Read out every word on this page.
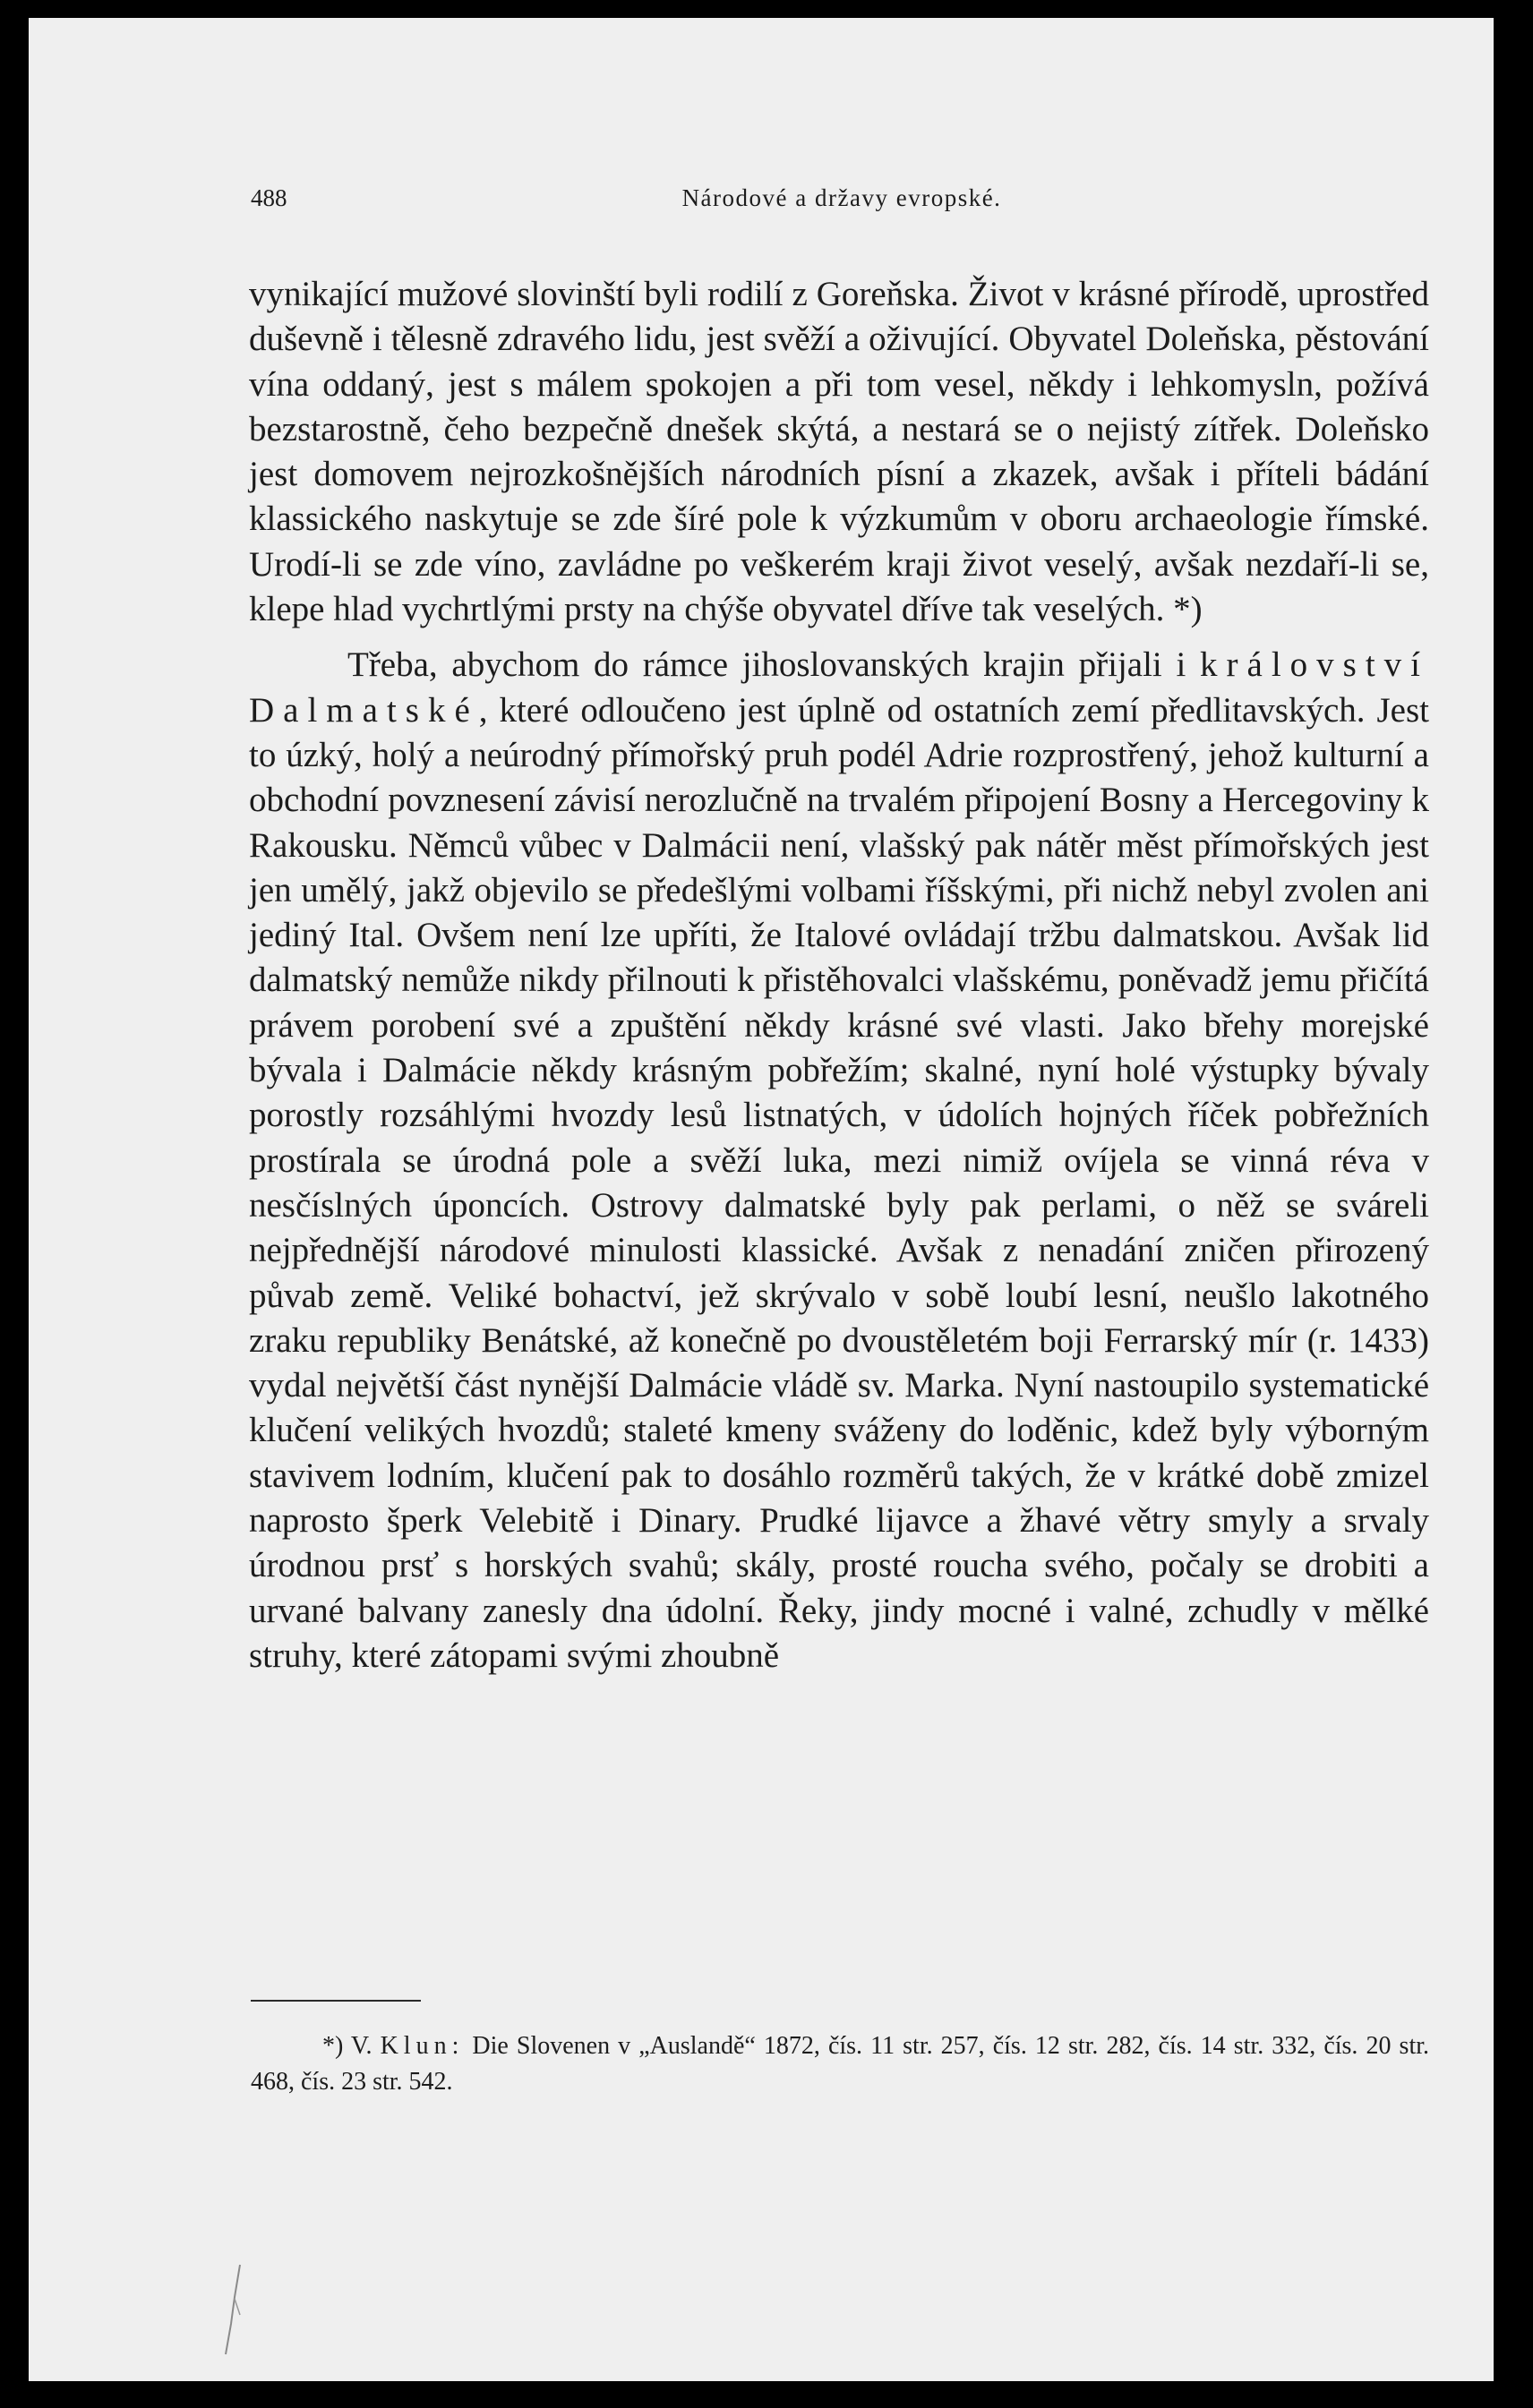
Národové a državy evropské.
488

vynikající mužové slovinští byli rodilí z Goreňska. Život v krásné přírodě, uprostřed duševně i tělesně zdravého lidu, jest svěží a oživující. Obyvatel Doleňska, pěstování vína oddaný, jest s málem spokojen a při tom vesel, někdy i lehkomysln, požívá bezstarostně, čeho bezpečně dnešek skýtá, a nestará se o nejistý zítřek. Doleňsko jest domovem nejrozkošnějších národních písní a zkazek, avšak i příteli bádání klassického naskytuje se zde šíré pole k výzkumům v oboru archaeologie římské. Urodí-li se zde víno, zavládne po veškerém kraji život veselý, avšak nezdaří-li se, klepe hlad vychrtlými prsty na chýše obyvatel dříve tak veselých. *)

Třeba, abychom do rámce jihoslovanských krajin přijali i království Dalmatské, které odloučeno jest úplně od ostatních zemí předlitavských. Jest to úzký, holý a neúrodný přímořský pruh podél Adrie rozprostřený, jehož kulturní a obchodní povznesení závisí nerozlučně na trvalém připojení Bosny a Hercegoviny k Rakousku. Němců vůbec v Dalmácii není, vlašský pak nátěr měst přímořských jest jen umělý, jakž objevilo se předešlými volbami říšskými, při nichž nebyl zvolen ani jediný Ital. Ovšem není lze upříti, že Italové ovládají tržbu dalmatskou. Avšak lid dalmatský nemůže nikdy přilnouti k přistěhovalci vlašskému, poněvadž jemu přičítá právem porobení své a zpuštění někdy krásné své vlasti. Jako břehy morejské bývala i Dalmácie někdy krásným pobřežím; skalné, nyní holé výstupky bývaly porostly rozsáhlými hvozdy lesů listnatých, v údolích hojných říček pobřežních prostírala se úrodná pole a svěží luka, mezi nimiž ovíjela se vinná réva v nesčíslných úponcích. Ostrovy dalmatské byly pak perlami, o něž se sváreli nejpřednější národové minulosti klassické. Avšak z nenadání zničen přirozený půvab země. Veliké bohactví, jež skrývalo v sobě loubí lesní, neušlo lakotného zraku republiky Benátské, až konečně po dvoustěletém boji Ferrarský mír (r. 1433) vydal největší část nynější Dalmácie vládě sv. Marka. Nyní nastoupilo systematické klučení velikých hvozdů; staleté kmeny sváženy do loděnic, kdež byly výborným stavivem lodním, klučení pak to dosáhlo rozměrů takých, že v krátké době zmizel naprosto šperk Velebitě i Dinary. Prudké lijavce a žhavé větry smyly a srvaly úrodnou prsť s horských svahů; skály, prosté roucha svého, počaly se drobiti a urvané balvany zanesly dna údolní. Řeky, jindy mocné i valné, zchudly v mělké struhy, které zátopami svými zhoubně

*) V. Klun: Die Slovenen v „Auslandě“ 1872, čís. 11 str. 257, čís. 12 str. 282, čís. 14 str. 332, čís. 20 str. 468, čís. 23 str. 542.
